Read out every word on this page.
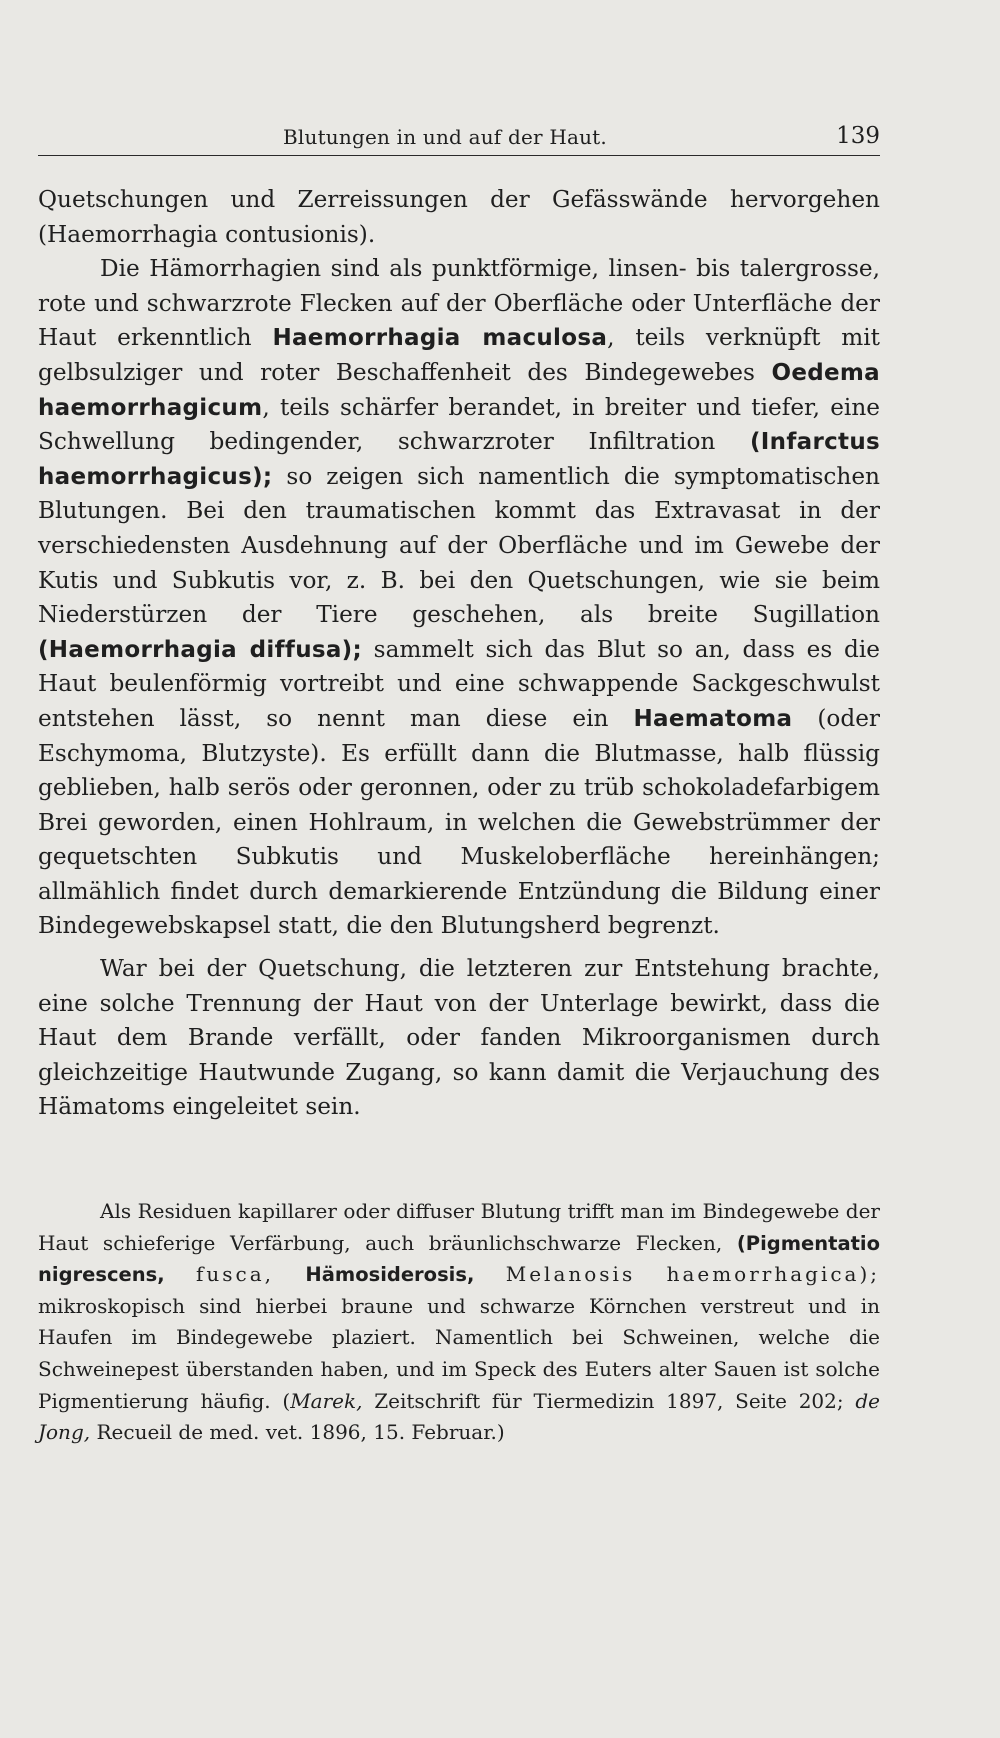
Blutungen in und auf der Haut.	139

Quetschungen und Zerreissungen der Gefässwände hervorgehen (Haemorrhagia contusionis).

Die Hämorrhagien sind als punktförmige, linsen- bis talergrosse, rote und schwarzrote Flecken auf der Oberfläche oder Unterfläche der Haut erkenntlich Haemorrhagia maculosa, teils verknüpft mit gelbsulziger und roter Beschaffenheit des Bindegewebes Oedema haemorrhagicum, teils schärfer berandet, in breiter und tiefer, eine Schwellung bedingender, schwarzroter Infiltration (Infarctus haemorrhagicus); so zeigen sich namentlich die symptomatischen Blutungen. Bei den traumatischen kommt das Extravasat in der verschiedensten Ausdehnung auf der Oberfläche und im Gewebe der Kutis und Subkutis vor, z. B. bei den Quetschungen, wie sie beim Niederstürzen der Tiere geschehen, als breite Sugillation (Haemorrhagia diffusa); sammelt sich das Blut so an, dass es die Haut beulenförmig vortreibt und eine schwappende Sackgeschwulst entstehen lässt, so nennt man diese ein Haematoma (oder Eschymoma, Blutzyste). Es erfüllt dann die Blutmasse, halb flüssig geblieben, halb serös oder geronnen, oder zu trüb schokoladefarbigem Brei geworden, einen Hohlraum, in welchen die Gewebstrümmer der gequetschten Subkutis und Muskeloberfläche hereinhängen; allmählich findet durch demarkierende Entzündung die Bildung einer Bindegewebskapsel statt, die den Blutungsherd begrenzt.

War bei der Quetschung, die letzteren zur Entstehung brachte, eine solche Trennung der Haut von der Unterlage bewirkt, dass die Haut dem Brande verfällt, oder fanden Mikroorganismen durch gleichzeitige Hautwunde Zugang, so kann damit die Verjauchung des Hämatoms eingeleitet sein.

Als Residuen kapillarer oder diffuser Blutung trifft man im Bindegewebe der Haut schieferige Verfärbung, auch bräunlichschwarze Flecken, (Pigmentatio nigrescens, fusca, Hämosiderosis, Melanosis haemorrhagica); mikroskopisch sind hierbei braune und schwarze Körnchen verstreut und in Haufen im Bindegewebe plaziert. Namentlich bei Schweinen, welche die Schweinepest überstanden haben, und im Speck des Euters alter Sauen ist solche Pigmentierung häufig. (Marek, Zeitschrift für Tiermedizin 1897, Seite 202; de Jong, Recueil de med. vet. 1896, 15. Februar.)
